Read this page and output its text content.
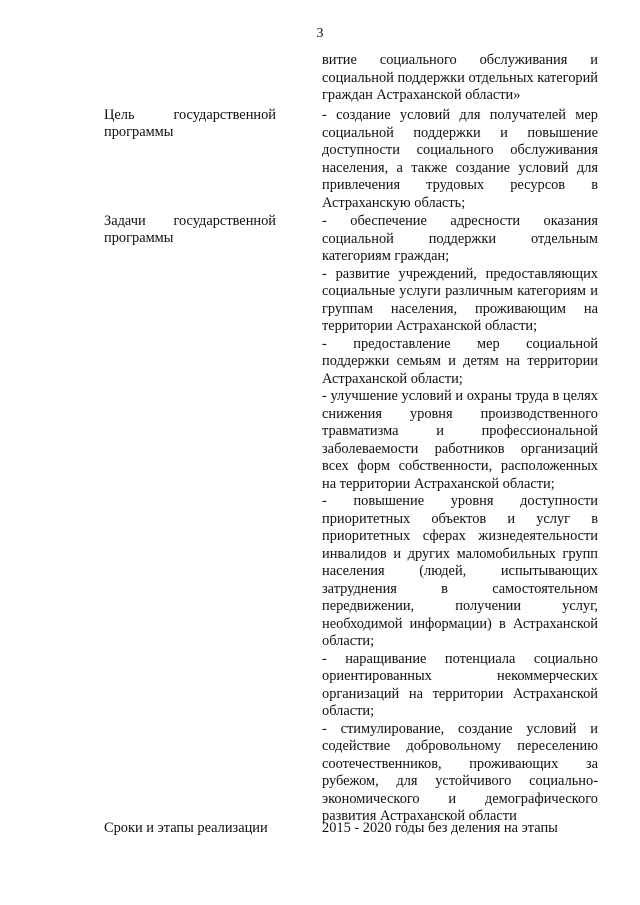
3
витие социального обслуживания и социальной поддержки отдельных категорий граждан Астраханской области»
Цель	государственной
программы
- создание условий для получателей мер социальной поддержки и повышение доступности социального обслуживания населения, а также создание условий для привлечения трудовых ресурсов в Астраханскую область;
Задачи государственной
программы
- обеспечение адресности оказания социальной поддержки отдельным категориям граждан;
- развитие учреждений, предоставляющих социальные услуги различным категориям и группам населения, проживающим на территории Астраханской области;
- предоставление мер социальной поддержки семьям и детям на территории Астраханской области;
- улучшение условий и охраны труда в целях снижения уровня производственного травматизма и профессиональной заболеваемости работников организаций всех форм собственности, расположенных на территории Астраханской области;
- повышение уровня доступности приоритетных объектов и услуг в приоритетных сферах жизнедеятельности инвалидов и других маломобильных групп населения (людей, испытывающих затруднения в самостоятельном передвижении, получении услуг, необходимой информации) в Астраханской области;
- наращивание потенциала социально ориентированных некоммерческих организаций на территории Астраханской области;
- стимулирование, создание условий и содействие добровольному переселению соотечественников, проживающих за рубежом, для устойчивого социально-экономического и демографического развития Астраханской области
Сроки и этапы реализации	2015 - 2020 годы без деления на этапы
